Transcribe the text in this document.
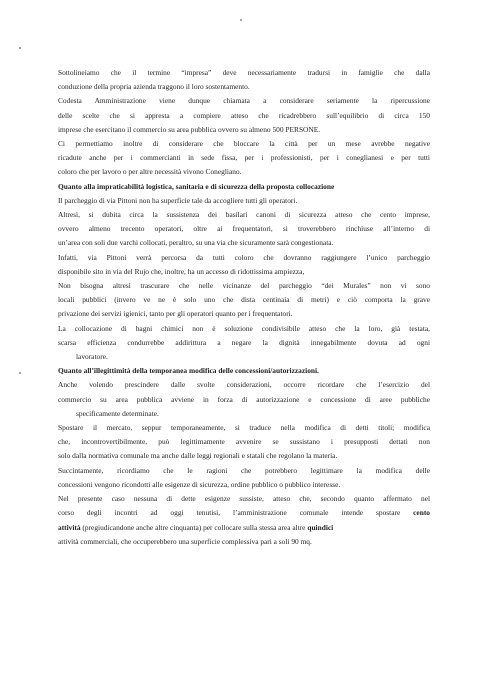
Sottolineiamo che il termine “impresa” deve necessariamente tradursi in famiglie che dalla
conduzione della propria azienda traggono il loro sostentamento.
Codesta Amministrazione viene dunque chiamata a considerare seriamente la ripercussione
delle scelte che si appresta a compiere atteso che ricadrebbero sull’equilibrio di circa 150
imprese che esercitano il commercio su area pubblica ovvero su almeno 500 PERSONE.
Ci permettiamo inoltre di considerare che bloccare la città per un mese avrebbe negative
ricadute anche per i commercianti in sede fissa, per i professionisti, per i coneglianesi e per tutti
coloro che per lavoro o per altre necessità vivono Conegliano.
Quanto alla impraticabilità logistica, sanitaria e di sicurezza della proposta collocazione
Il parcheggio di via Pittoni non ha superficie tale da accogliere tutti gli operatori.
Altresì, si dubita circa la sussistenza dei basilari canoni di sicurezza atteso che cento imprese,
ovvero almeno trecento operatori, oltre ai frequentatori, si troverebbero rinchiuse all’interno di
un’area con soli due varchi collocati, peraltro, su una via che sicuramente sarà congestionata.
Infatti, via Pittoni verrà percorsa da tutti coloro che dovranno raggiungere l’unico parcheggio
disponibile sito in via del Rujo che, inoltre, ha un accesso di ridottissima ampiezza,
Non bisogna altresì trascurare che nelle vicinanze del parcheggio “dei Murales” non vi sono
locali pubblici (invero ve ne è solo uno che dista centinaia di metri) e ciò comporta la grave
privazione dei servizi igienici, tanto per gli operatori quanto per i frequentatori.
La collocazione di bagni chimici non è soluzione condivisibile atteso che la loro, già testata,
scarsa efficienza condurrebbe addirittura a negare la dignità innegabilmente dovuta ad ogni
lavoratore.
Quanto all’illegittimità della temporanea modifica delle concessioni/autorizzazioni.
Anche volendo prescindere dalle svolte considerazioni, occorre ricordare che l’esercizio del
commercio su area pubblica avviene in forza di autorizzazione e concessione di aree pubbliche
specificamente determinate.
Spostare il mercato, seppur temporaneamente, si traduce nella modifica di detti titoli; modifica
che, incontrovertibilmente, può legittimamente avvenire se sussistano i presupposti dettati non
solo dalla normativa comunale ma anche dalle leggi regionali e statali che regolano la materia.
Succintamente, ricordiamo che le ragioni che potrebbero legittimare la modifica delle
concessioni vengono ricondotti alle esigenze di sicurezza, ordine pubblico o pubblico interesse.
Nel presente caso nessuna di dette esigenze sussiste, atteso che, secondo quanto affermato nel
corso degli incontri ad oggi tenutisi, l’amministrazione comunale intende spostare cento
attività (pregiudicandone anche altre cinquanta) per collocare sulla stessa area altre quindici
attività commerciali, che occuperebbero una superficie complessiva pari a soli 90 mq.
